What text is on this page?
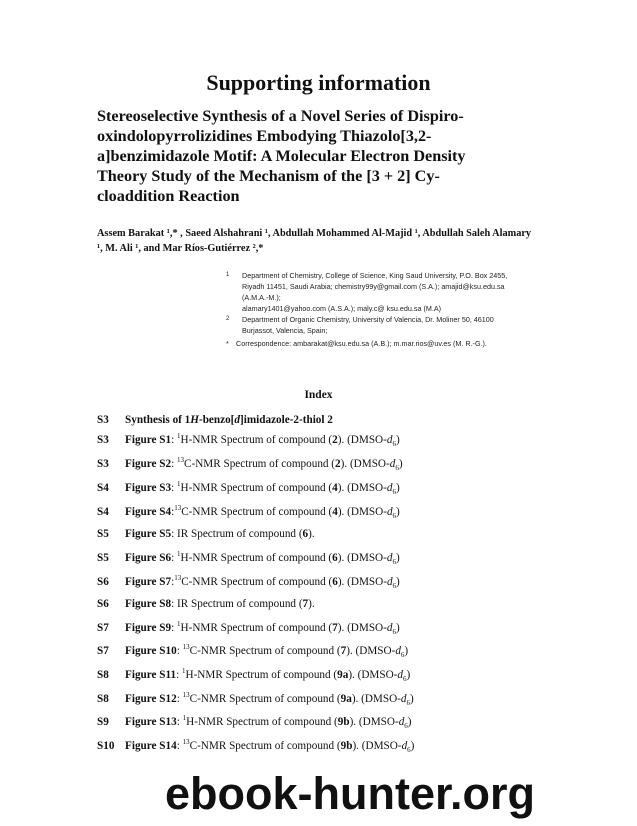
Supporting information
Stereoselective Synthesis of a Novel Series of Dispiro-
oxindolopyrrolizidines Embodying Thiazolo[3,2-
a]benzimidazole Motif: A Molecular Electron Density
Theory Study of the Mechanism of the [3 + 2] Cy-
cloaddition Reaction
Assem Barakat ¹,* , Saeed Alshahrani ¹, Abdullah Mohammed Al-Majid ¹, Abdullah Saleh Alamary
¹, M. Ali ¹, and Mar Ríos-Gutiérrez ²,*
1 Department of Chemistry, College of Science, King Saud University, P.O. Box 2455,
Riyadh 11451, Saudi Arabia; chemistry99y@gmail.com (S.A.); amajid@ksu.edu.sa
(A.M.A.-M.);
alamary1401@yahoo.com (A.S.A.); maly.c@ ksu.edu.sa (M.A)
2 Department of Organic Chemistry, University of Valencia, Dr. Moliner 50, 46100
Burjassot, Valencia, Spain;
* Correspondence: ambarakat@ksu.edu.sa (A.B.); m.mar.rios@uv.es (M. R.-G.).
Index
S3 Synthesis of 1H-benzo[d]imidazole-2-thiol 2
S3 Figure S1: $^1$H-NMR Spectrum of compound (2). $(DMSO-d_6)$
S3 Figure S2: $^{13}$C-NMR Spectrum of compound (2). $(DMSO-d_6)$
S4 Figure S3: $^1$H-NMR Spectrum of compound (4). $(DMSO-d_6)$
S4 Figure S4:$^{13}$C-NMR Spectrum of compound (4). $(DMSO-d_6)$
S5 Figure S5: IR Spectrum of compound (6).
S5 Figure S6: $^1$H-NMR Spectrum of compound (6). $(DMSO-d_6)$
S6 Figure S7:$^{13}$C-NMR Spectrum of compound (6). $(DMSO-d_6)$
S6 Figure S8: IR Spectrum of compound (7).
S7 Figure S9: $^1$H-NMR Spectrum of compound (7). $(DMSO-d_6)$
S7 Figure S10: $^{13}$C-NMR Spectrum of compound (7). $(DMSO-d_6)$
S8 Figure S11: $^1$H-NMR Spectrum of compound (9a). $(DMSO-d_6)$
S8 Figure S12: $^{13}$C-NMR Spectrum of compound (9a). $(DMSO-d_6)$
S9 Figure S13: $^1$H-NMR Spectrum of compound (9b). $(DMSO-d_6)$
S10 Figure S14: $^{13}$C-NMR Spectrum of compound (9b). $(DMSO-d_6)$
ebook-hunter.org
